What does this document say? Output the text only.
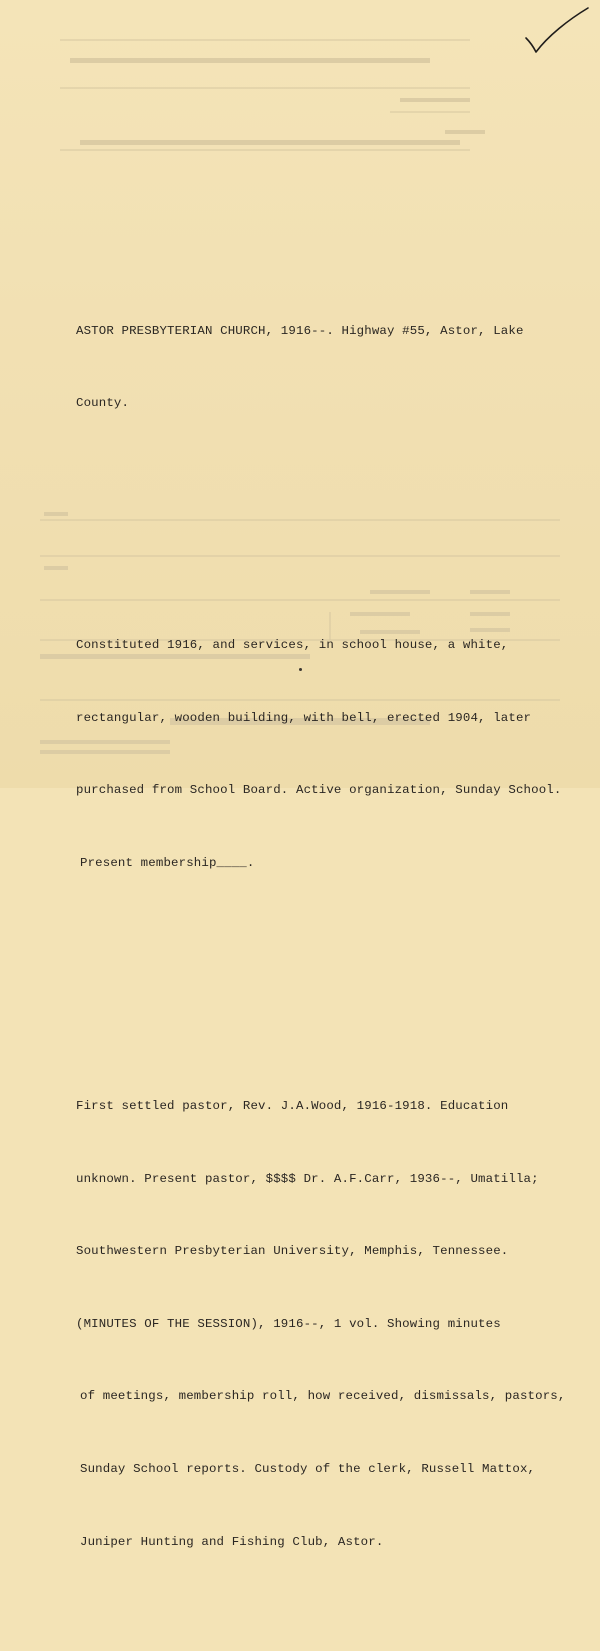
ASTOR PRESBYTERIAN CHURCH, 1916--. Highway #55, Astor, Lake

County.

Constituted 1916, and services, in school house, a white,

rectangular, wooden building, with bell, erected 1904, later

purchased from School Board. Active organization, Sunday School.

Present membership____.

First settled pastor, Rev. J.A.Wood, 1916-1918. Education

unknown. Present pastor, $$$$ Dr. A.F.Carr, 1936--, Umatilla;

Southwestern Presbyterian University, Memphis, Tennessee.

(MINUTES OF THE SESSION), 1916--, 1 vol. Showing minutes

of meetings, membership roll, how received, dismissals, pastors,

Sunday School reports. Custody of the clerk, Russell Mattox,

Juniper Hunting and Fishing Club, Astor.
